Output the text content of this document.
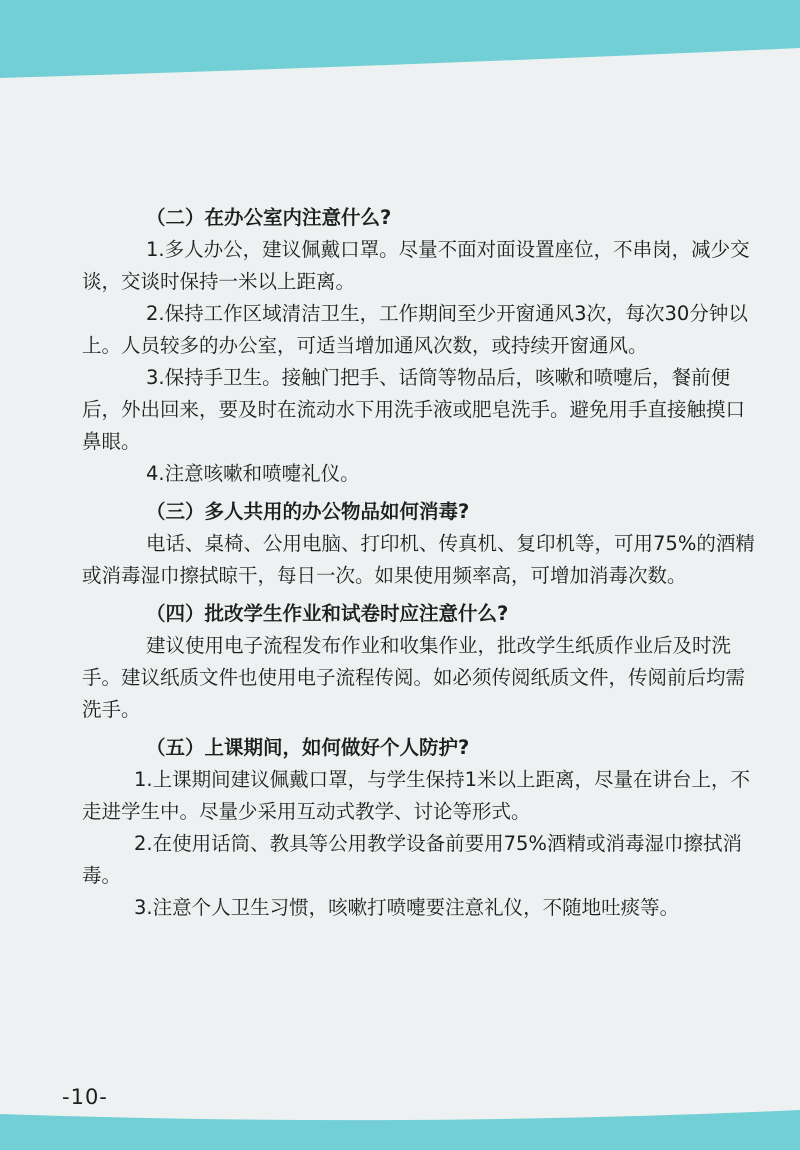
（二）在办公室内注意什么?

1.多人办公，建议佩戴口罩。尽量不面对面设置座位，不串岗，减少交谈，交谈时保持一米以上距离。

2.保持工作区域清洁卫生，工作期间至少开窗通风3次，每次30分钟以上。人员较多的办公室，可适当增加通风次数，或持续开窗通风。

3.保持手卫生。接触门把手、话筒等物品后，咳嗽和喷嚏后，餐前便后，外出回来，要及时在流动水下用洗手液或肥皂洗手。避免用手直接触摸口鼻眼。

4.注意咳嗽和喷嚏礼仪。

（三）多人共用的办公物品如何消毒?

电话、桌椅、公用电脑、打印机、传真机、复印机等，可用75%的酒精或消毒湿巾擦拭晾干，每日一次。如果使用频率高，可增加消毒次数。

（四）批改学生作业和试卷时应注意什么?

建议使用电子流程发布作业和收集作业，批改学生纸质作业后及时洗手。建议纸质文件也使用电子流程传阅。如必须传阅纸质文件，传阅前后均需洗手。

（五）上课期间，如何做好个人防护?

1.上课期间建议佩戴口罩，与学生保持1米以上距离，尽量在讲台上，不走进学生中。尽量少采用互动式教学、讨论等形式。

2.在使用话筒、教具等公用教学设备前要用75%酒精或消毒湿巾擦拭消毒。

3.注意个人卫生习惯，咳嗽打喷嚏要注意礼仪，不随地吐痰等。

-10-
